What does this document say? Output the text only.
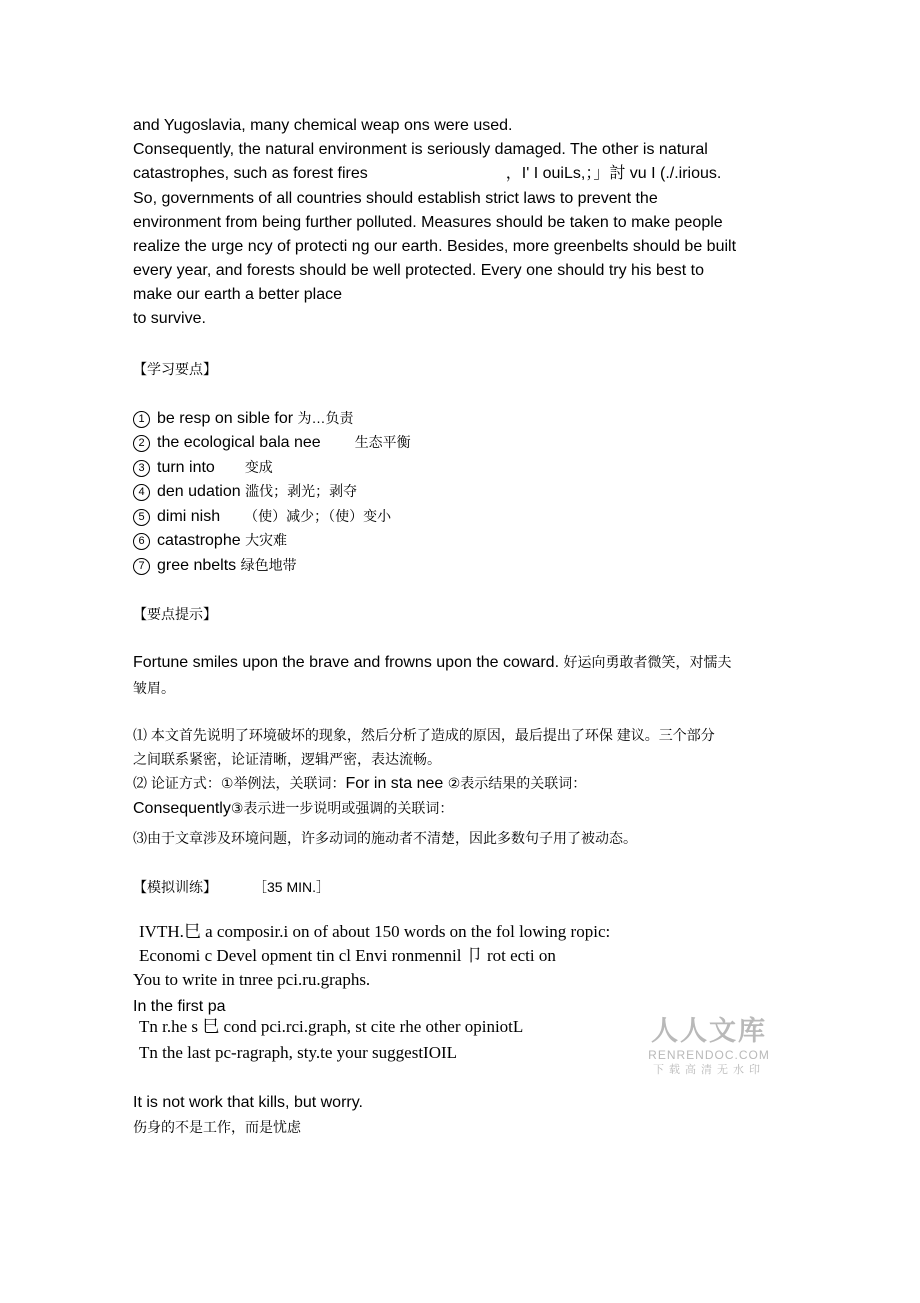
and Yugoslavia, many chemical weap ons were used.
Consequently, the natural environment is seriously damaged. The other is natural
catastrophes, such as forest fires	，I' I ouiLs,；」討 vu I (./.irious.
So, governments of all countries should establish strict laws to prevent the
environment from being further polluted. Measures should be taken to make people
realize the urge ncy of protecti ng our earth. Besides, more greenbelts should be built
every year, and forests should be well protected. Every one should try his best to
make our earth a better place
to survive.
【学习要点】
1 be resp on sible for 为…负责
2 the ecological bala nee 生态平衡
3 turn into 变成
4 den udation 滥伐；剥光；剥夺
5 dimi nish （使）减少；（使）变小
6 catastrophe 大灾难
7 gree nbelts 绿色地带
【要点提示】
Fortune smiles upon the brave and frowns upon the coward. 好运向勇敢者微笑，对懦夫
皱眉。
⑴ 本文首先说明了环境破坏的现象，然后分析了造成的原因，最后提出了环保 建议。三个部分
之间联系紧密，论证清晰，逻辑严密，表达流畅。
⑵ 论证方式：①举例法，关联词：For in sta nee ②表示结果的关联词：
Consequently③表示进一步说明或强调的关联词：
⑶由于文章涉及环境问题，许多动词的施动者不清楚，因此多数句子用了被动态。
【模拟训练】	［35 MIN.］
IVTH.巳 a composir.i on of about 150 words on the fol lowing ropic:
Economi c Devel opment tin cl Envi ronmennil 卩 rot ecti on
You to write in tnree pci.ru.graphs.
In the first pa
Tn r.he s 巳 cond pci.rci.graph, st cite rhe other opiniotL
Tn the last pc-ragraph, sty.te your suggestIOIL
It is not work that kills, but worry.
伤身的不是工作，而是忧虑
人人文库
RENRENDOC.COM
下载高清无水印
